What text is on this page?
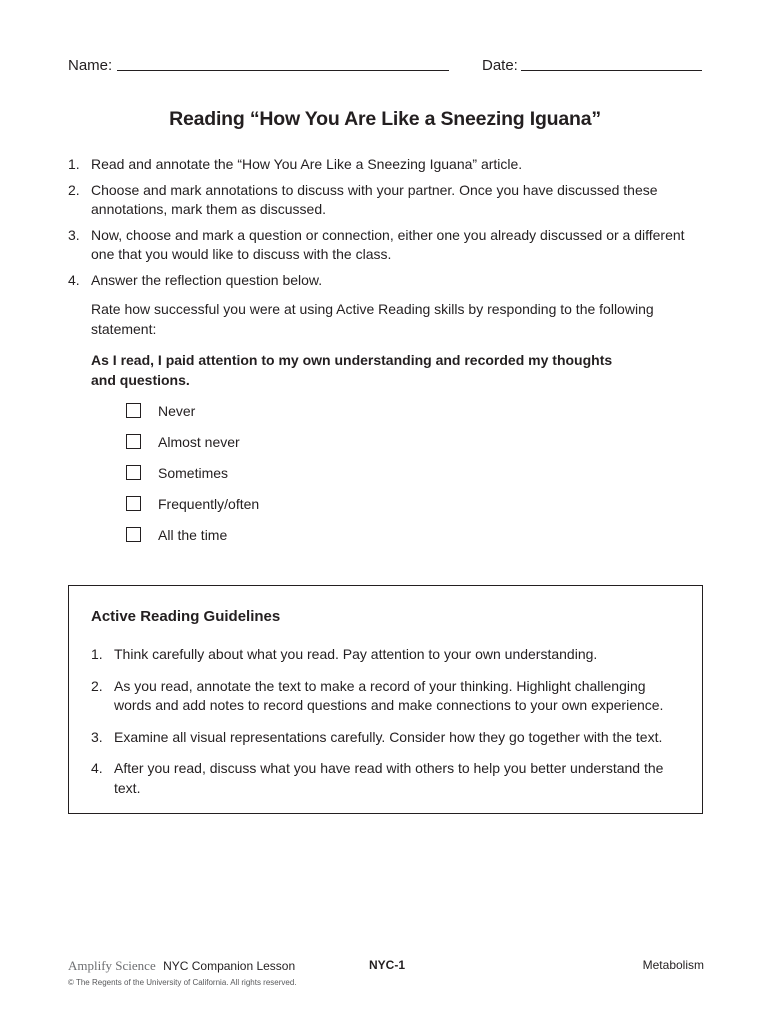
Name:	Date:
Reading “How You Are Like a Sneezing Iguana”
1. Read and annotate the “How You Are Like a Sneezing Iguana” article.
2. Choose and mark annotations to discuss with your partner. Once you have discussed these annotations, mark them as discussed.
3. Now, choose and mark a question or connection, either one you already discussed or a different one that you would like to discuss with the class.
4. Answer the reflection question below.
Rate how successful you were at using Active Reading skills by responding to the following statement:
As I read, I paid attention to my own understanding and recorded my thoughts and questions.
Never
Almost never
Sometimes
Frequently/often
All the time
Active Reading Guidelines
1. Think carefully about what you read. Pay attention to your own understanding.
2. As you read, annotate the text to make a record of your thinking. Highlight challenging words and add notes to record questions and make connections to your own experience.
3. Examine all visual representations carefully. Consider how they go together with the text.
4. After you read, discuss what you have read with others to help you better understand the text.
Amplify Science NYC Companion Lesson	NYC-1	Metabolism
© The Regents of the University of California. All rights reserved.
